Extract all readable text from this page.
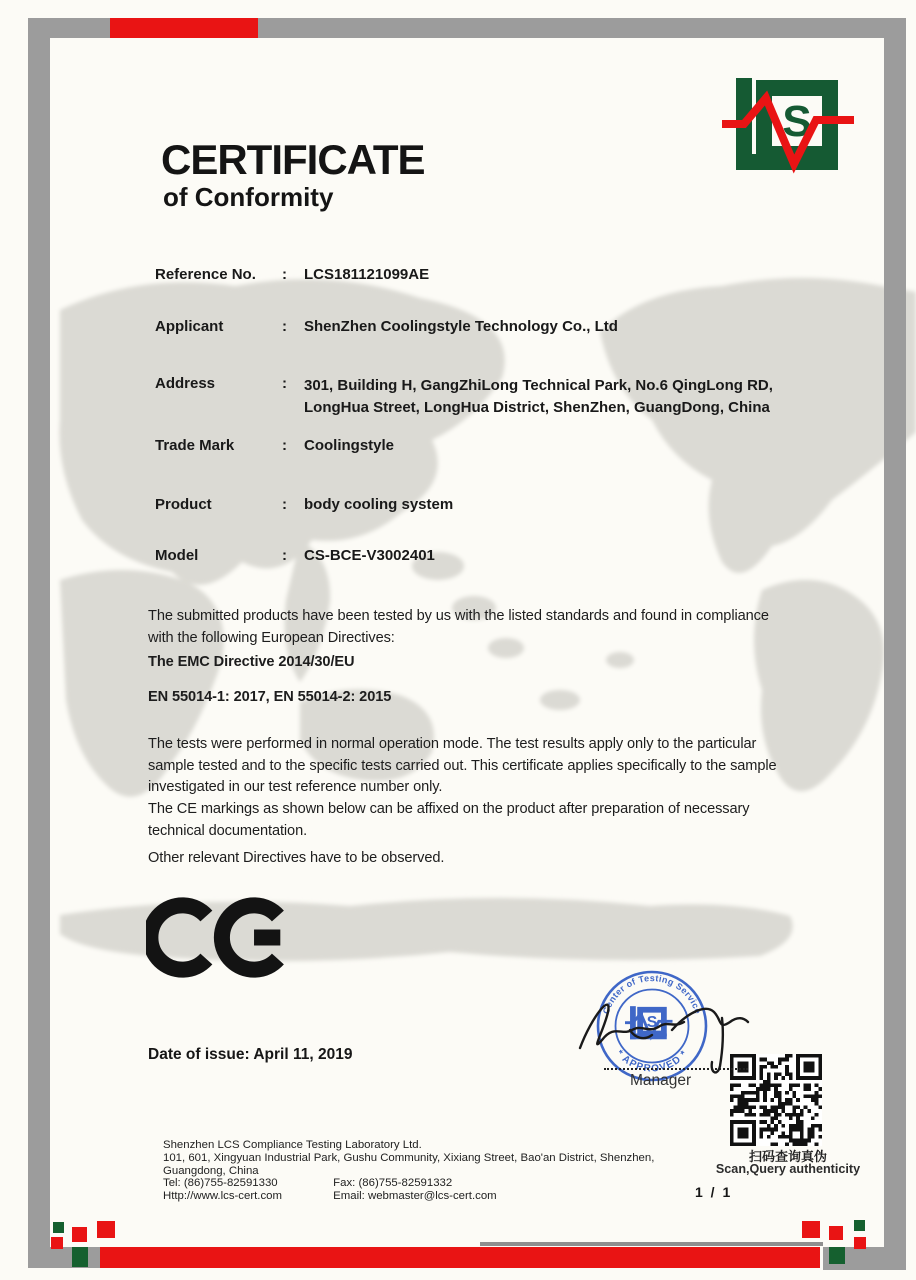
S
CERTIFICATE
of Conformity
Reference No.	:	LCS181121099AE
Applicant	:	ShenZhen Coolingstyle Technology Co., Ltd
Address	:	301, Building H, GangZhiLong Technical Park, No.6 QingLong RD,
LongHua Street, LongHua District, ShenZhen, GuangDong, China
Trade Mark	:	Coolingstyle
Product	:	body cooling system
Model	:	CS-BCE-V3002401
The submitted products have been tested by us with the listed standards and found in compliance
with the following European Directives:
The EMC Directive 2014/30/EU
EN 55014-1: 2017, EN 55014-2: 2015
The tests were performed in normal operation mode. The test results apply only to the particular
sample tested and to the specific tests carried out. This certificate applies specifically to the sample
investigated in our test reference number only.
The CE markings as shown below can be affixed on the product after preparation of necessary
technical documentation.
Other relevant Directives have to be observed.
Date of issue: April 11, 2019
Center of Testing Service
* APPROVED *
S
Manager
扫码查询真伪
Scan,Query authenticity
1 / 1
Shenzhen LCS Compliance Testing Laboratory Ltd.
101, 601, Xingyuan Industrial Park, Gushu Community, Xixiang Street, Bao'an District, Shenzhen,
Guangdong, China
Tel: (86)755-82591330	Fax: (86)755-82591332
Http://www.lcs-cert.com	Email: webmaster@lcs-cert.com
